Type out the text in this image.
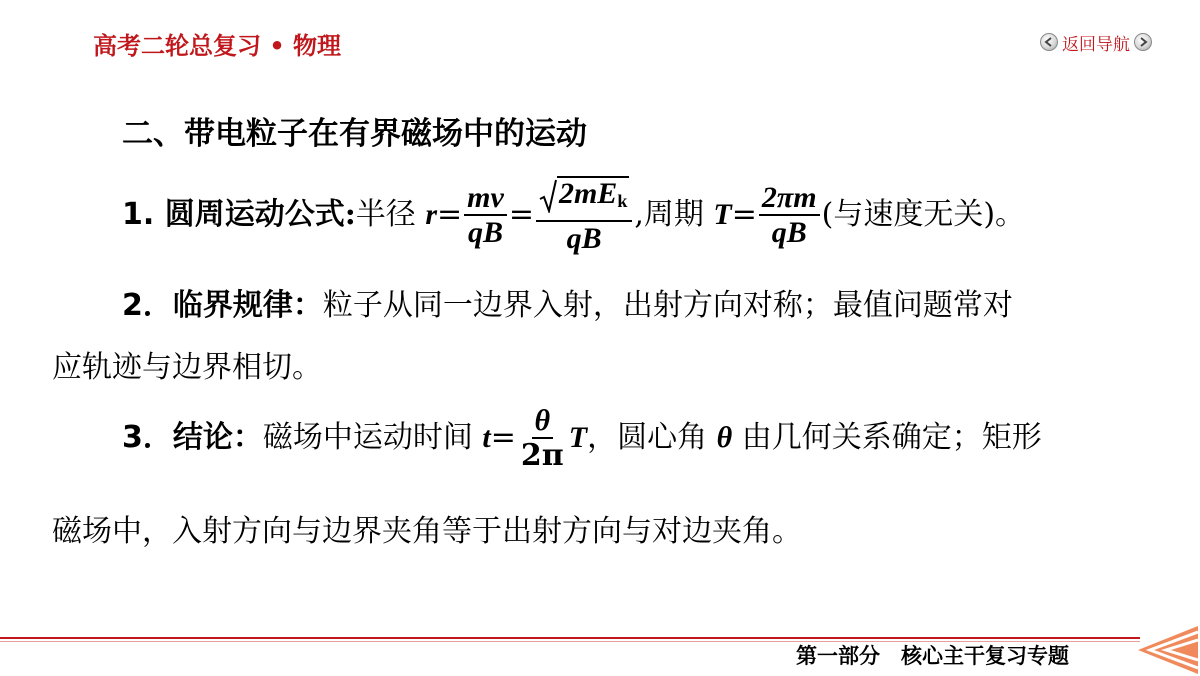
高考二轮总复习 • 物理	返回导航
二、带电粒子在有界磁场中的运动
1. 圆周运动公式:半径 $r= \frac{mv}{qB} = \frac{2mE_k}{qB}$ ,周期 $T= \frac{2\pi m}{qB}$ (与速度无关)。
2．临界规律：粒子从同一边界入射，出射方向对称；最值问题常对
应轨迹与边界相切。
3．结论：磁场中运动时间 $t= \frac{\theta}{2\pi}$ T，圆心角 θ 由几何关系确定；矩形
磁场中，入射方向与边界夹角等于出射方向与对边夹角。
第一部分　核心主干复习专题
